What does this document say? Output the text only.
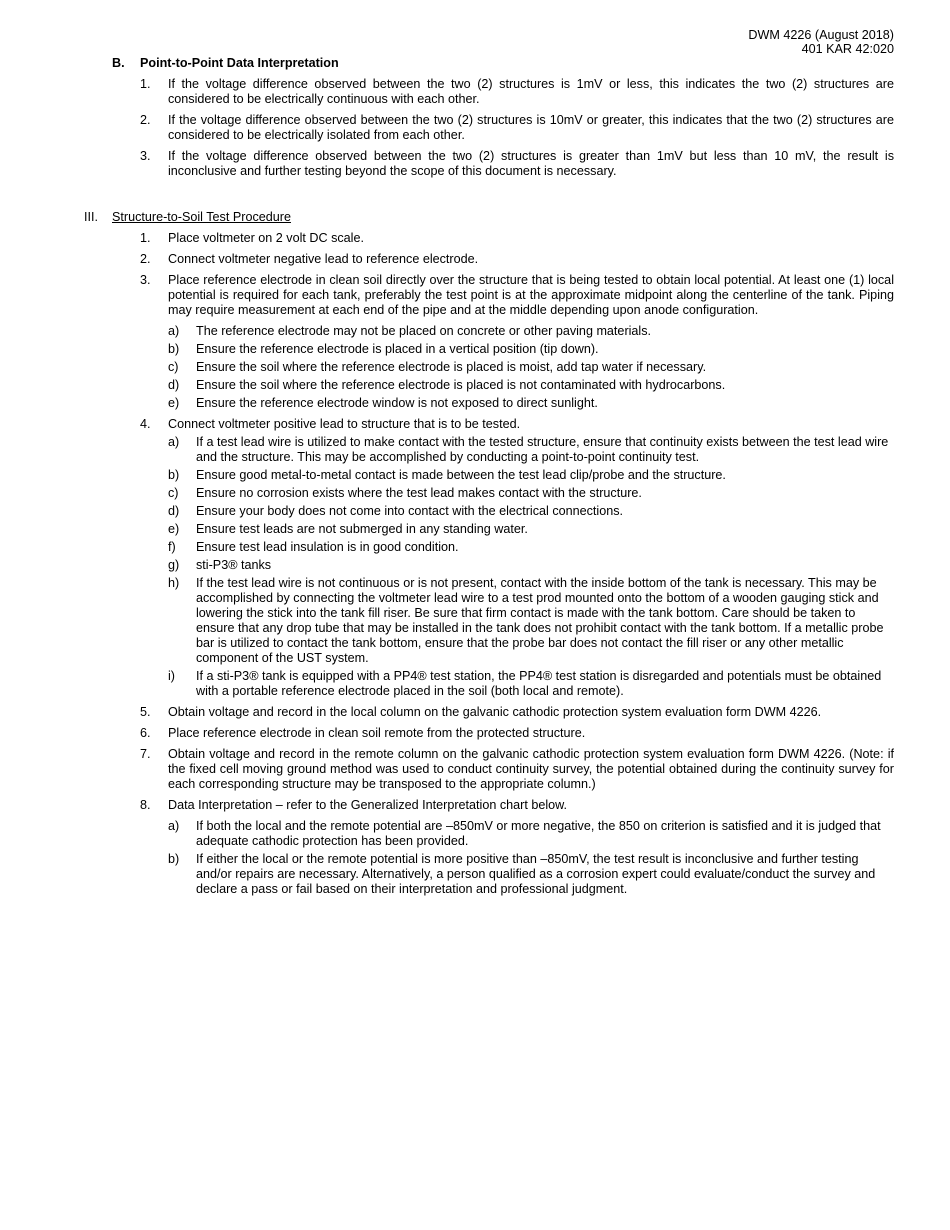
DWM 4226 (August 2018)
401 KAR 42:020
B. Point-to-Point Data Interpretation
1. If the voltage difference observed between the two (2) structures is 1mV or less, this indicates the two (2) structures are considered to be electrically continuous with each other.
2. If the voltage difference observed between the two (2) structures is 10mV or greater, this indicates that the two (2) structures are considered to be electrically isolated from each other.
3. If the voltage difference observed between the two (2) structures is greater than 1mV but less than 10 mV, the result is inconclusive and further testing beyond the scope of this document is necessary.
III. Structure-to-Soil Test Procedure
1. Place voltmeter on 2 volt DC scale.
2. Connect voltmeter negative lead to reference electrode.
3. Place reference electrode in clean soil directly over the structure that is being tested to obtain local potential. At least one (1) local potential is required for each tank, preferably the test point is at the approximate midpoint along the centerline of the tank. Piping may require measurement at each end of the pipe and at the middle depending upon anode configuration.
a) The reference electrode may not be placed on concrete or other paving materials.
b) Ensure the reference electrode is placed in a vertical position (tip down).
c) Ensure the soil where the reference electrode is placed is moist, add tap water if necessary.
d) Ensure the soil where the reference electrode is placed is not contaminated with hydrocarbons.
e) Ensure the reference electrode window is not exposed to direct sunlight.
4. Connect voltmeter positive lead to structure that is to be tested.
a) If a test lead wire is utilized to make contact with the tested structure, ensure that continuity exists between the test lead wire and the structure. This may be accomplished by conducting a point-to-point continuity test.
b) Ensure good metal-to-metal contact is made between the test lead clip/probe and the structure.
c) Ensure no corrosion exists where the test lead makes contact with the structure.
d) Ensure your body does not come into contact with the electrical connections.
e) Ensure test leads are not submerged in any standing water.
f) Ensure test lead insulation is in good condition.
g) sti-P3® tanks
h) If the test lead wire is not continuous or is not present, contact with the inside bottom of the tank is necessary. This may be accomplished by connecting the voltmeter lead wire to a test prod mounted onto the bottom of a wooden gauging stick and lowering the stick into the tank fill riser. Be sure that firm contact is made with the tank bottom. Care should be taken to ensure that any drop tube that may be installed in the tank does not prohibit contact with the tank bottom. If a metallic probe bar is utilized to contact the tank bottom, ensure that the probe bar does not contact the fill riser or any other metallic component of the UST system.
i) If a sti-P3® tank is equipped with a PP4® test station, the PP4® test station is disregarded and potentials must be obtained with a portable reference electrode placed in the soil (both local and remote).
5. Obtain voltage and record in the local column on the galvanic cathodic protection system evaluation form DWM 4226.
6. Place reference electrode in clean soil remote from the protected structure.
7. Obtain voltage and record in the remote column on the galvanic cathodic protection system evaluation form DWM 4226. (Note: if the fixed cell moving ground method was used to conduct continuity survey, the potential obtained during the continuity survey for each corresponding structure may be transposed to the appropriate column.)
8. Data Interpretation – refer to the Generalized Interpretation chart below.
a) If both the local and the remote potential are –850mV or more negative, the 850 on criterion is satisfied and it is judged that adequate cathodic protection has been provided.
b) If either the local or the remote potential is more positive than –850mV, the test result is inconclusive and further testing and/or repairs are necessary. Alternatively, a person qualified as a corrosion expert could evaluate/conduct the survey and declare a pass or fail based on their interpretation and professional judgment.
